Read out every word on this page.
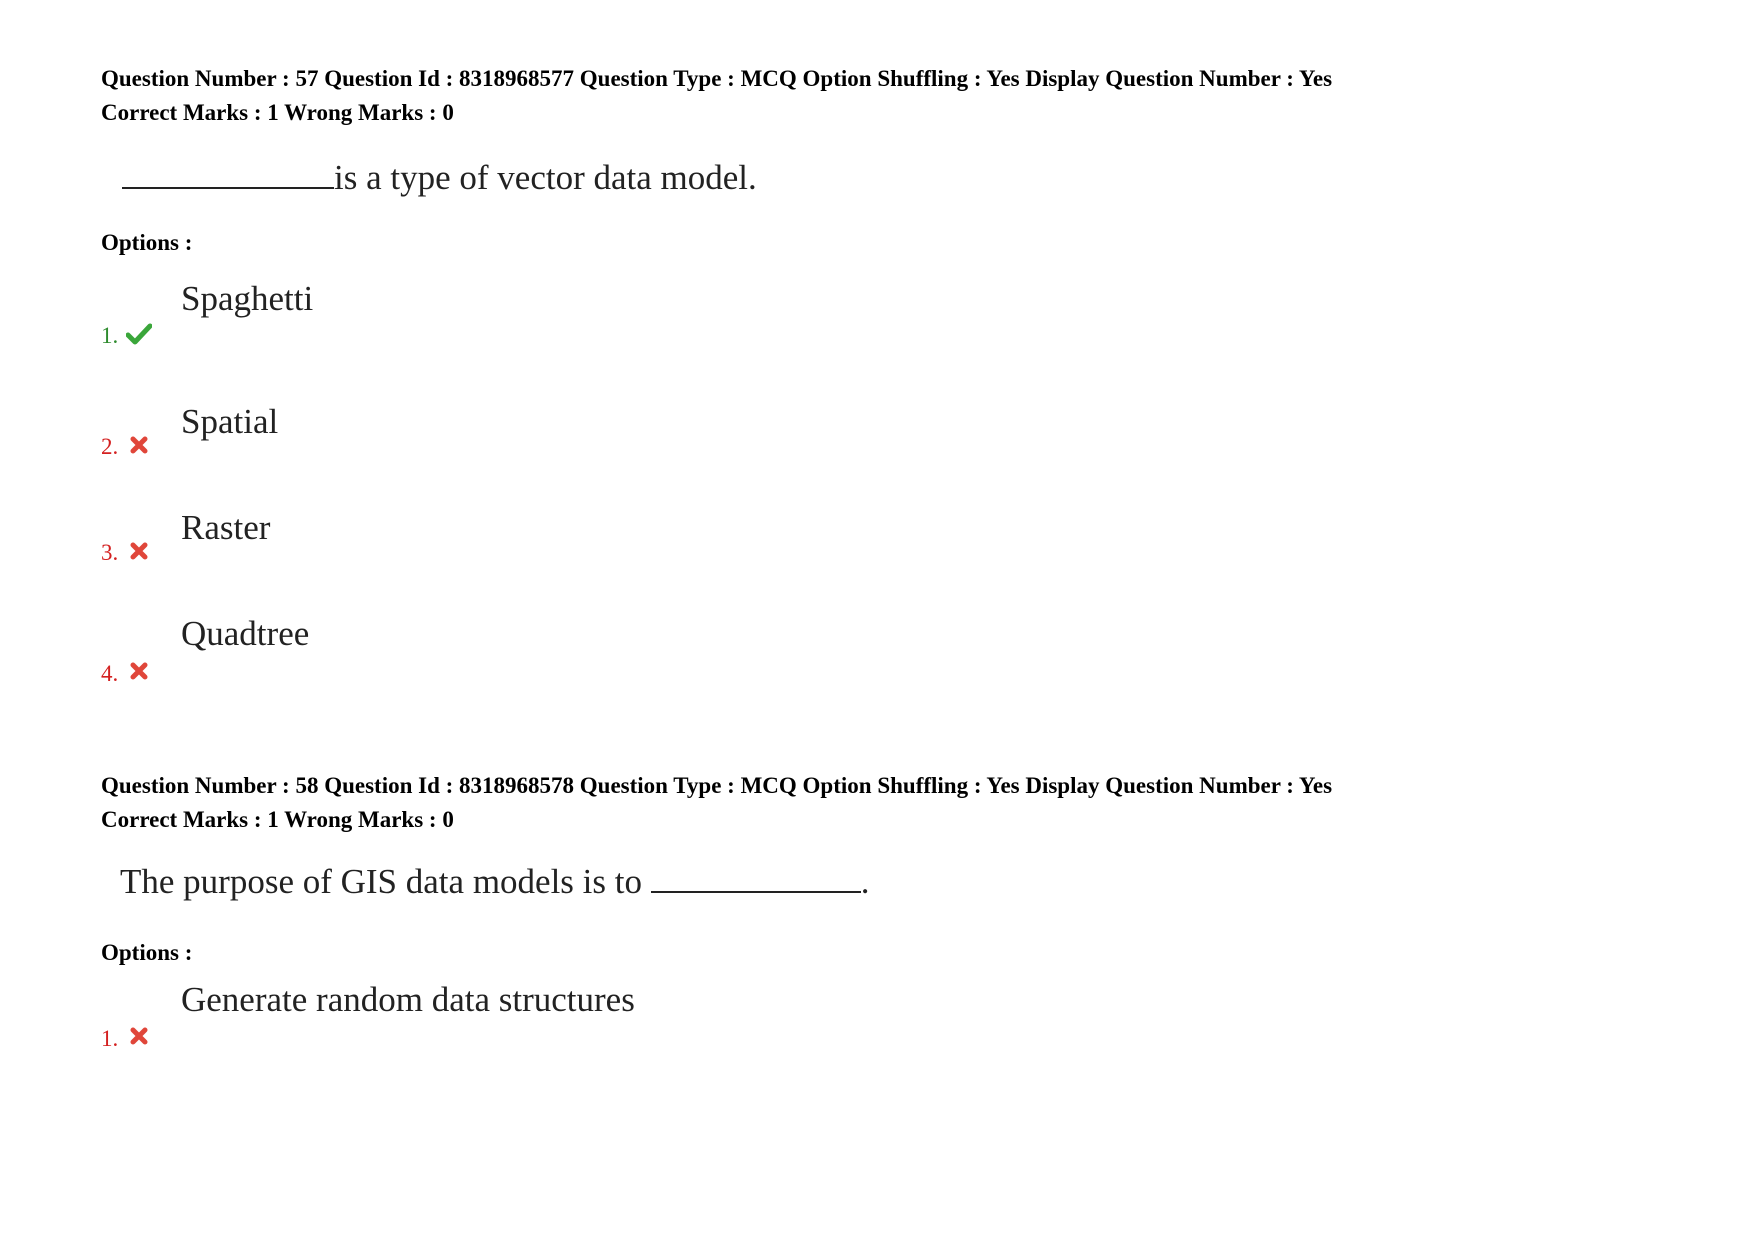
Question Number : 57 Question Id : 8318968577 Question Type : MCQ Option Shuffling : Yes Display Question Number : Yes
Correct Marks : 1 Wrong Marks : 0
is a type of vector data model.
Options :
Spaghetti
1.
Spatial
2.
Raster
3.
Quadtree
4.
Question Number : 58 Question Id : 8318968578 Question Type : MCQ Option Shuffling : Yes Display Question Number : Yes
Correct Marks : 1 Wrong Marks : 0
The purpose of GIS data models is to	.
Options :
Generate random data structures
1.
